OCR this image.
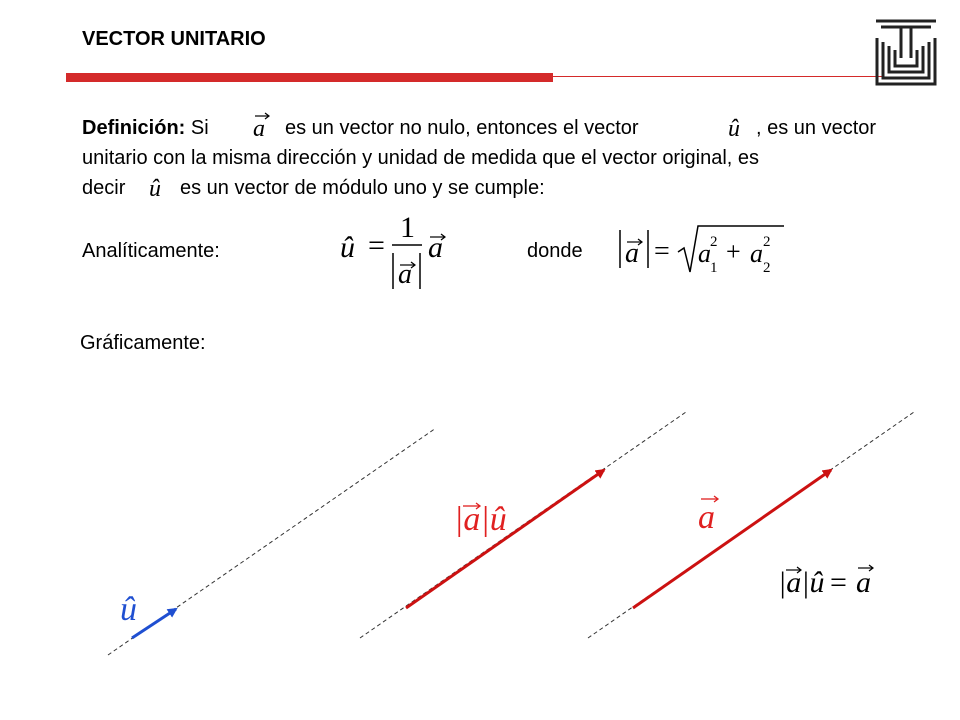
VECTOR UNITARIO
Definición: Si a es un vector no nulo, entonces el vector	û , es un vector
unitario con la misma dirección y unidad de medida que el vector original, es
decir û es un vector de módulo uno y se cumple:
Analíticamente:	û =
1
a
a	donde a = a 1
2 + a 2
2
Gráficamente:
û
|a|û	a
|a|û = a
